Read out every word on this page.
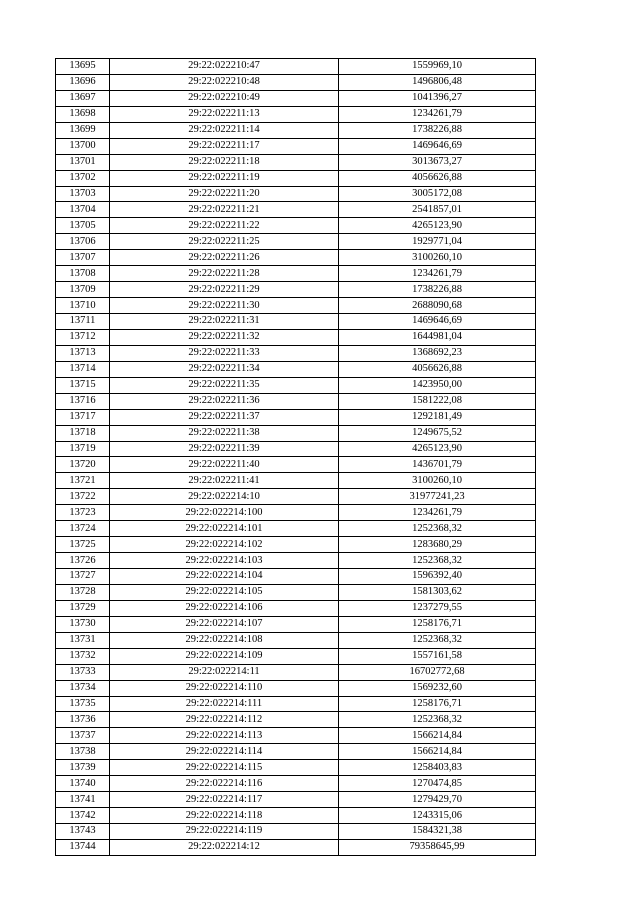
13695	29:22:022210:47	1559969,10
13696	29:22:022210:48	1496806,48
13697	29:22:022210:49	1041396,27
13698	29:22:022211:13	1234261,79
13699	29:22:022211:14	1738226,88
13700	29:22:022211:17	1469646,69
13701	29:22:022211:18	3013673,27
13702	29:22:022211:19	4056626,88
13703	29:22:022211:20	3005172,08
13704	29:22:022211:21	2541857,01
13705	29:22:022211:22	4265123,90
13706	29:22:022211:25	1929771,04
13707	29:22:022211:26	3100260,10
13708	29:22:022211:28	1234261,79
13709	29:22:022211:29	1738226,88
13710	29:22:022211:30	2688090,68
13711	29:22:022211:31	1469646,69
13712	29:22:022211:32	1644981,04
13713	29:22:022211:33	1368692,23
13714	29:22:022211:34	4056626,88
13715	29:22:022211:35	1423950,00
13716	29:22:022211:36	1581222,08
13717	29:22:022211:37	1292181,49
13718	29:22:022211:38	1249675,52
13719	29:22:022211:39	4265123,90
13720	29:22:022211:40	1436701,79
13721	29:22:022211:41	3100260,10
13722	29:22:022214:10	31977241,23
13723	29:22:022214:100	1234261,79
13724	29:22:022214:101	1252368,32
13725	29:22:022214:102	1283680,29
13726	29:22:022214:103	1252368,32
13727	29:22:022214:104	1596392,40
13728	29:22:022214:105	1581303,62
13729	29:22:022214:106	1237279,55
13730	29:22:022214:107	1258176,71
13731	29:22:022214:108	1252368,32
13732	29:22:022214:109	1557161,58
13733	29:22:022214:11	16702772,68
13734	29:22:022214:110	1569232,60
13735	29:22:022214:111	1258176,71
13736	29:22:022214:112	1252368,32
13737	29:22:022214:113	1566214,84
13738	29:22:022214:114	1566214,84
13739	29:22:022214:115	1258403,83
13740	29:22:022214:116	1270474,85
13741	29:22:022214:117	1279429,70
13742	29:22:022214:118	1243315,06
13743	29:22:022214:119	1584321,38
13744	29:22:022214:12	79358645,99
